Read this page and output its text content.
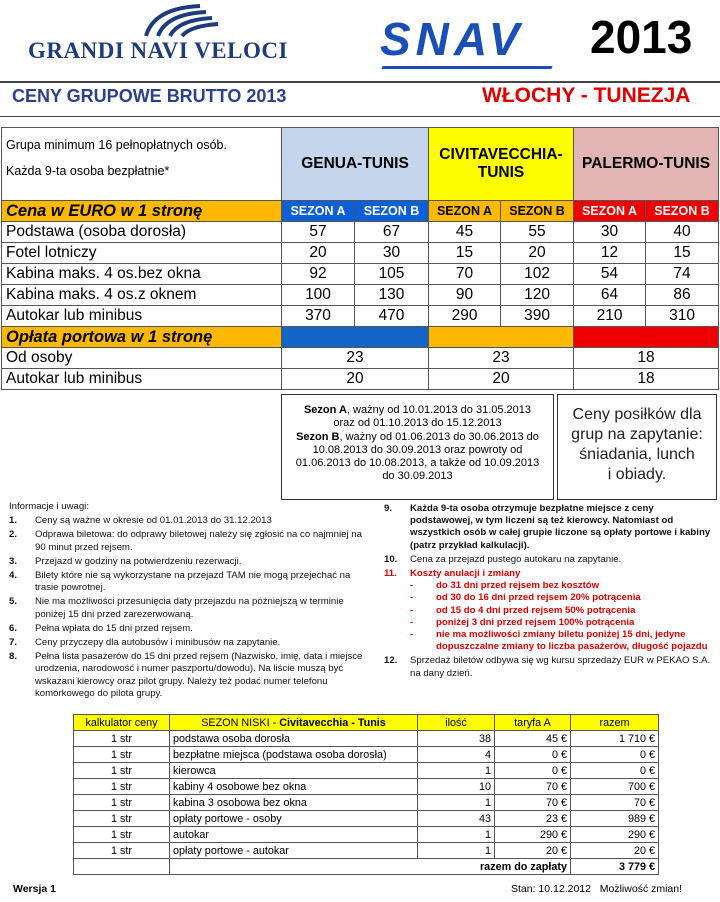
GRANDI NAVI VELOCI SNAV 2013
CENY GRUPOWE BRUTTO 2013	WŁOCHY - TUNEZJA
Grupa minimum 16 pełnopłatnych osób.
Każda 9-ta osoba bezpłatnie*	GENUA-TUNIS		CIVITAVECCHIA-TUNIS		PALERMO-TUNIS	
Cena w EURO w 1 stronę	SEZON A	SEZON B	SEZON A	SEZON B	SEZON A	SEZON B
Podstawa (osoba dorosła)	57	67	45	55	30	40
Fotel lotniczy	20	30	15	20	12	15
Kabina maks. 4 os.bez okna	92	105	70	102	54	74
Kabina maks. 4 os.z oknem	100	130	90	120	64	86
Autokar lub minibus	370	470	290	390	210	310
Opłata portowa w 1 stronę						
Od osoby	23		23		18	
Autokar lub minibus	20		20		18	
Sezon A, ważny od 10.01.2013 do 31.05.2013
oraz od 01.10.2013 do 15.12.2013
Sezon B, ważny od 01.06.2013 do 30.06.2013 do
10.08.2013 do 30.09.2013 oraz powroty od
01.06.2013 do 10.08.2013, a także od 10.09.2013
do 30.09.2013
Ceny posiłków dla
grup na zapytanie:
śniadania, lunch
i obiady.
Informacje i uwagi:
1. Ceny są ważne w okresie od 01.01.2013 do 31.12.2013
2. Odprawa biletowa: do odprawy biletowej należy się zgłosić na co najmniej na 90 minut przed rejsem.
3. Przejazd w godziny na potwierdzeniu rezerwacji.
4. Bilety które nie są wykorzystane na przejazd TAM nie mogą przejechać na trasie powrotnej.
5. Nie ma możliwości przesunięcia daty przejazdu na późniejszą w terminie poniżej 15 dni przed zarezerwowaną.
6. Pełna wpłata do 15 dni przed rejsem.
7. Ceny przyczepy dla autobusów i minibusów na zapytanie.
8. Pełna lista pasażerów do 15 dni przed rejsem (Nazwisko, imię, data i miejsce urodzenia, narodowość i numer paszportu/dowodu). Na liście muszą być wskazani kierowcy oraz pilot grupy. Należy też podać numer telefonu komórkowego do pilota grupy.
9. Każda 9-ta osoba otrzymuje bezpłatne miejsce z ceny podstawowej, w tym liczeni są też kierowcy. Natomiast od wszystkich osób w całej grupie liczone są opłaty portowe i kabiny (patrz przykład kalkulacji).
10. Cena za przejazd pustego autokaru na zapytanie.
11. Koszty anulacji i zmiany
- do 31 dni przed rejsem bez kosztów
- od 30 do 16 dni przed rejsem 20% potrącenia
- od 15 do 4 dni przed rejsem 50% potrącenia
- poniżej 3 dni przed rejsem 100% potrącenia
- nie ma możliwości zmiany biletu poniżej 15 dni, jedyne dopuszczalne zmiany to liczba pasażerów, długość pojazdu
12. Sprzedaż biletów odbywa się wg kursu sprzedaży EUR w PEKAO S.A. na dany dzień.
kalkulator ceny	SEZON NISKI - Civitavecchia - Tunis	ilość	taryfa A	razem
1 str	podstawa osoba dorosła	38	45 €	1 710 €
1 str	bezpłatne miejsca (podstawa osoba dorosła)	4	0 €	0 €
1 str	kierowca	1	0 €	0 €
1 str	kabiny 4 osobowe bez okna	10	70 €	700 €
1 str	kabina 3 osobowa bez okna	1	70 €	70 €
1 str	opłaty portowe - osoby	43	23 €	989 €
1 str	autokar	1	290 €	290 €
1 str	opłaty portowe - autokar	1	20 €	20 €
	razem do zapłaty			3 779 €
Wersja 1	Stan: 10.12.2012 Możliwość zmian!
